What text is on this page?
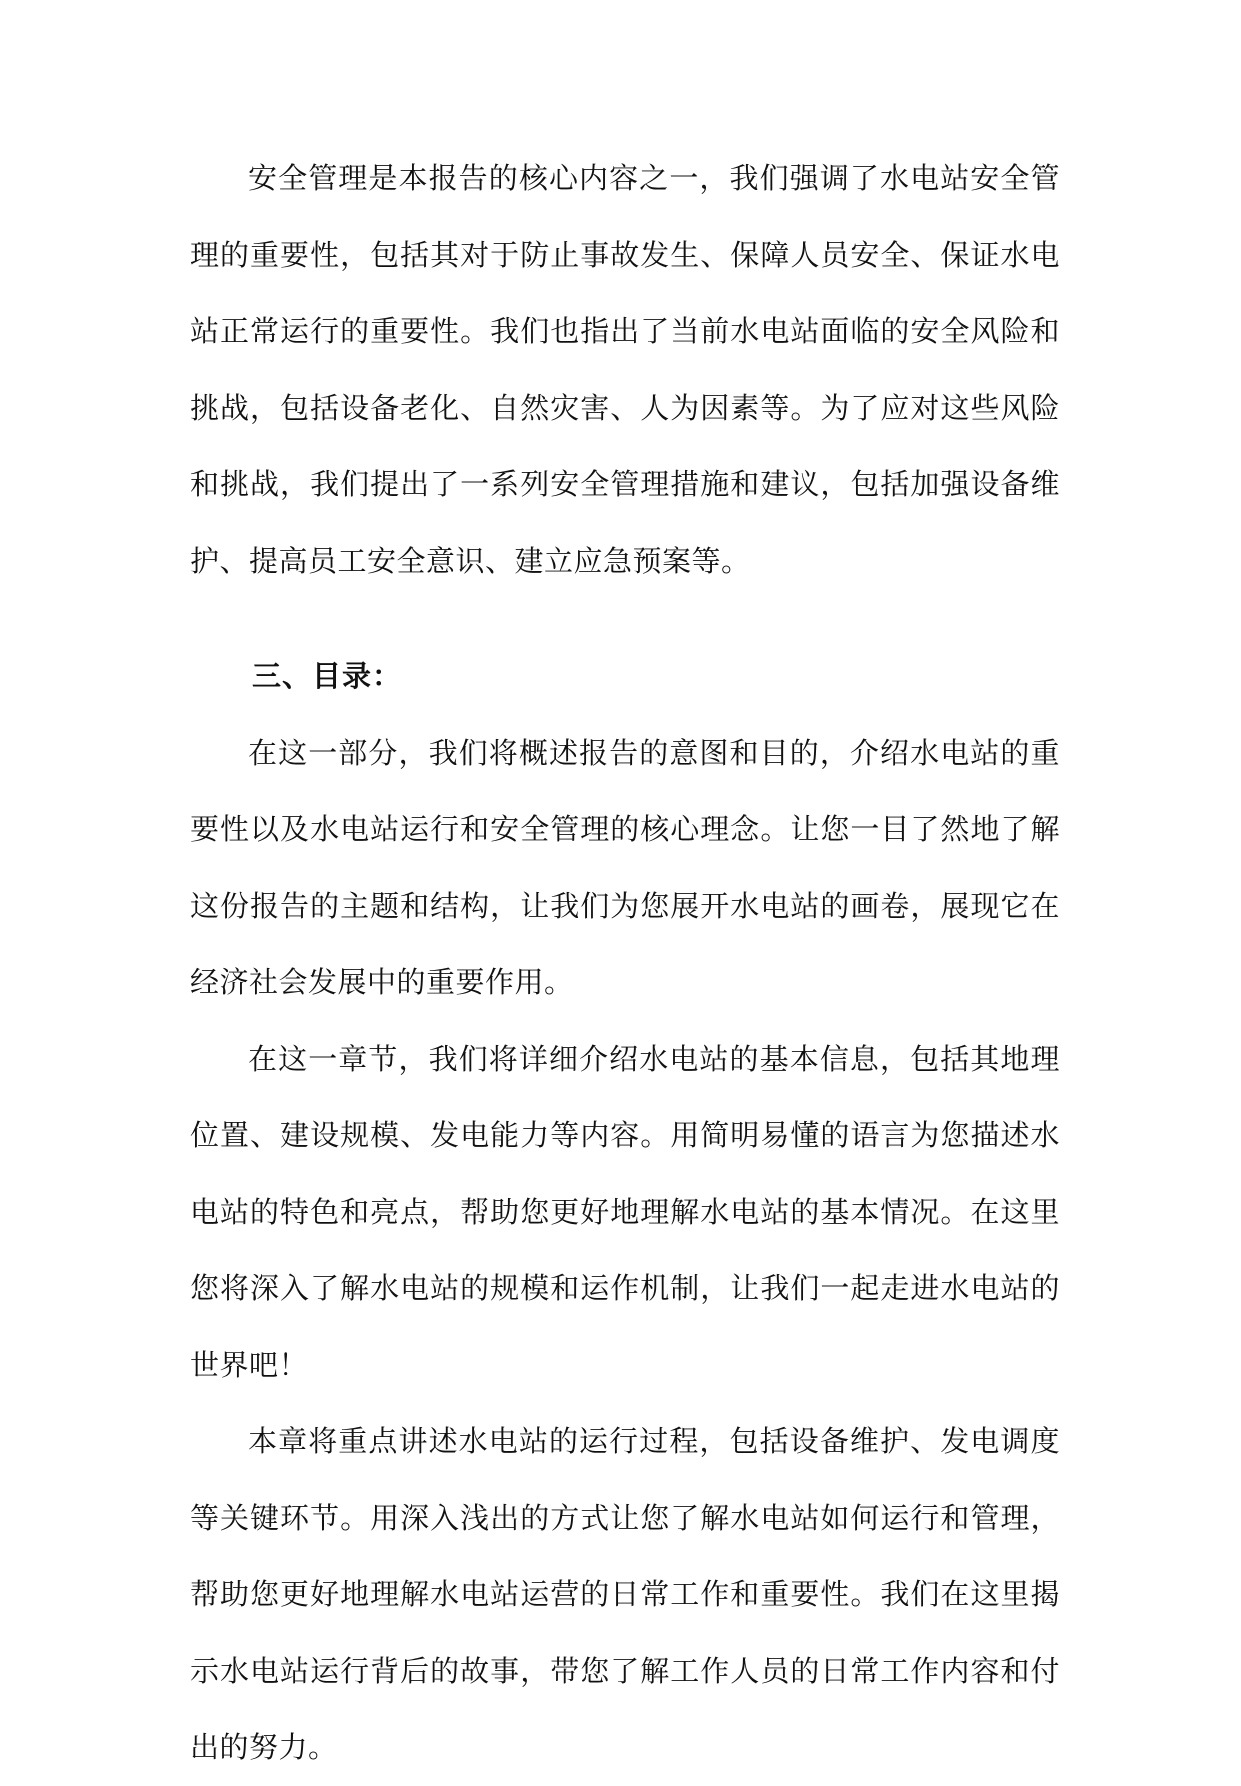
安全管理是本报告的核心内容之一，我们强调了水电站安全管理的重要性，包括其对于防止事故发生、保障人员安全、保证水电站正常运行的重要性。我们也指出了当前水电站面临的安全风险和挑战，包括设备老化、自然灾害、人为因素等。为了应对这些风险和挑战，我们提出了一系列安全管理措施和建议，包括加强设备维护、提高员工安全意识、建立应急预案等。

三、目录：

在这一部分，我们将概述报告的意图和目的，介绍水电站的重要性以及水电站运行和安全管理的核心理念。让您一目了然地了解这份报告的主题和结构，让我们为您展开水电站的画卷，展现它在经济社会发展中的重要作用。

在这一章节，我们将详细介绍水电站的基本信息，包括其地理位置、建设规模、发电能力等内容。用简明易懂的语言为您描述水电站的特色和亮点，帮助您更好地理解水电站的基本情况。在这里您将深入了解水电站的规模和运作机制，让我们一起走进水电站的世界吧！

本章将重点讲述水电站的运行过程，包括设备维护、发电调度等关键环节。用深入浅出的方式让您了解水电站如何运行和管理，帮助您更好地理解水电站运营的日常工作和重要性。我们在这里揭示水电站运行背后的故事，带您了解工作人员的日常工作内容和付出的努力。
